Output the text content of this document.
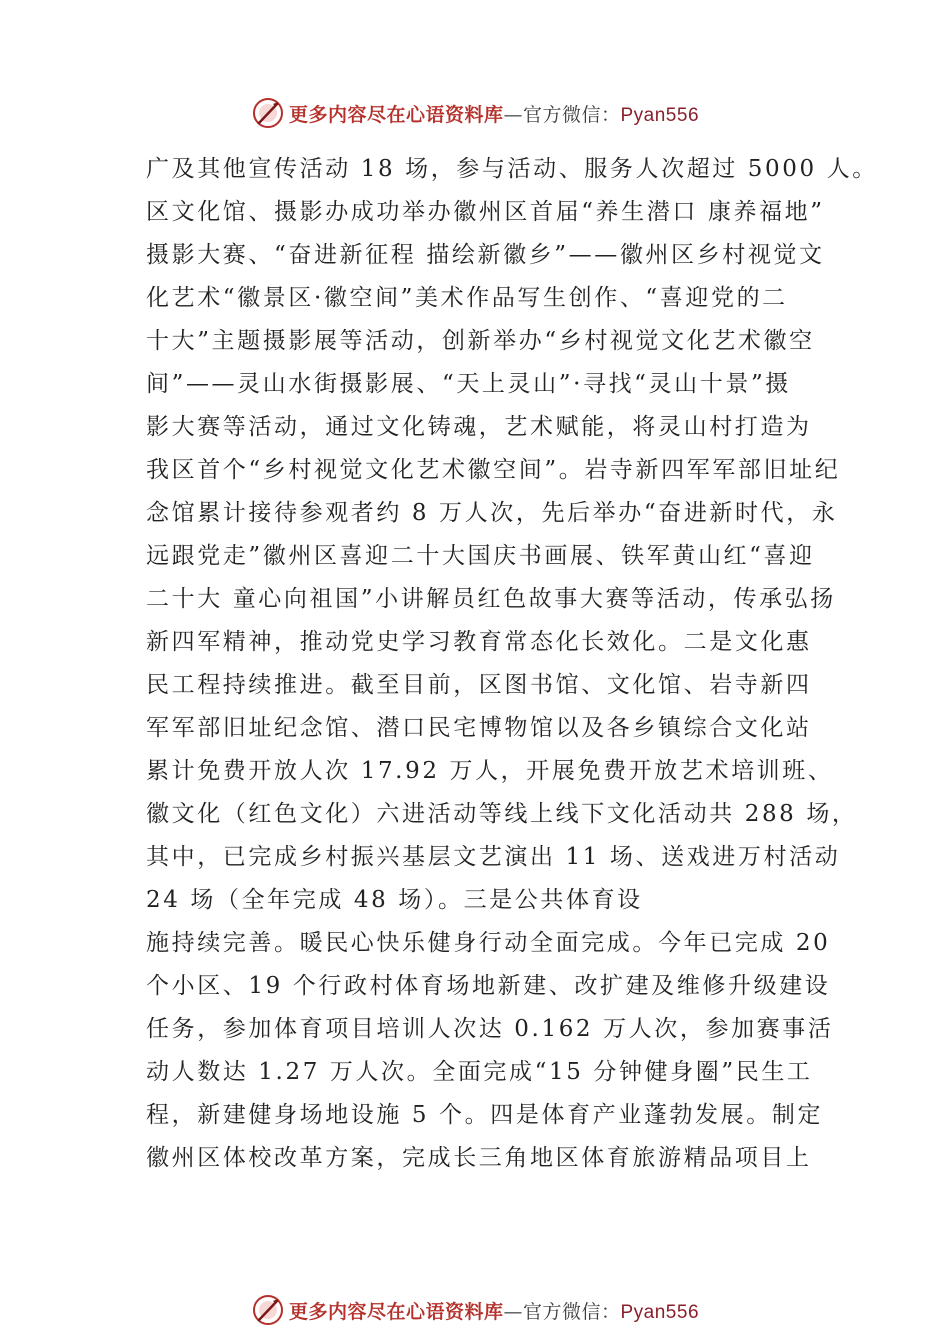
更多内容尽在心语资料库—官方微信：Pyan556
广及其他宣传活动 18 场，参与活动、服务人次超过 5000 人。
区文化馆、摄影办成功举办徽州区首届“养生潜口 康养福地”
摄影大赛、“奋进新征程 描绘新徽乡”——徽州区乡村视觉文
化艺术“徽景区·徽空间”美术作品写生创作、“喜迎党的二
十大”主题摄影展等活动，创新举办“乡村视觉文化艺术徽空
间”——灵山水街摄影展、“天上灵山”·寻找“灵山十景”摄
影大赛等活动，通过文化铸魂，艺术赋能，将灵山村打造为
我区首个“乡村视觉文化艺术徽空间”。岩寺新四军军部旧址纪
念馆累计接待参观者约 8 万人次，先后举办“奋进新时代，永
远跟党走”徽州区喜迎二十大国庆书画展、铁军黄山红“喜迎
二十大 童心向祖国”小讲解员红色故事大赛等活动，传承弘扬
新四军精神，推动党史学习教育常态化长效化。二是文化惠
民工程持续推进。截至目前，区图书馆、文化馆、岩寺新四
军军部旧址纪念馆、潜口民宅博物馆以及各乡镇综合文化站
累计免费开放人次 17.92 万人，开展免费开放艺术培训班、
徽文化（红色文化）六进活动等线上线下文化活动共 288 场，
其中，已完成乡村振兴基层文艺演出 11 场、送戏进万村活动
24 场（全年完成 48 场）。三是公共体育设
施持续完善。暖民心快乐健身行动全面完成。今年已完成 20
个小区、19 个行政村体育场地新建、改扩建及维修升级建设
任务，参加体育项目培训人次达 0.162 万人次，参加赛事活
动人数达 1.27 万人次。全面完成“15 分钟健身圈”民生工
程，新建健身场地设施 5 个。四是体育产业蓬勃发展。制定
徽州区体校改革方案，完成长三角地区体育旅游精品项目上
更多内容尽在心语资料库—官方微信：Pyan556
